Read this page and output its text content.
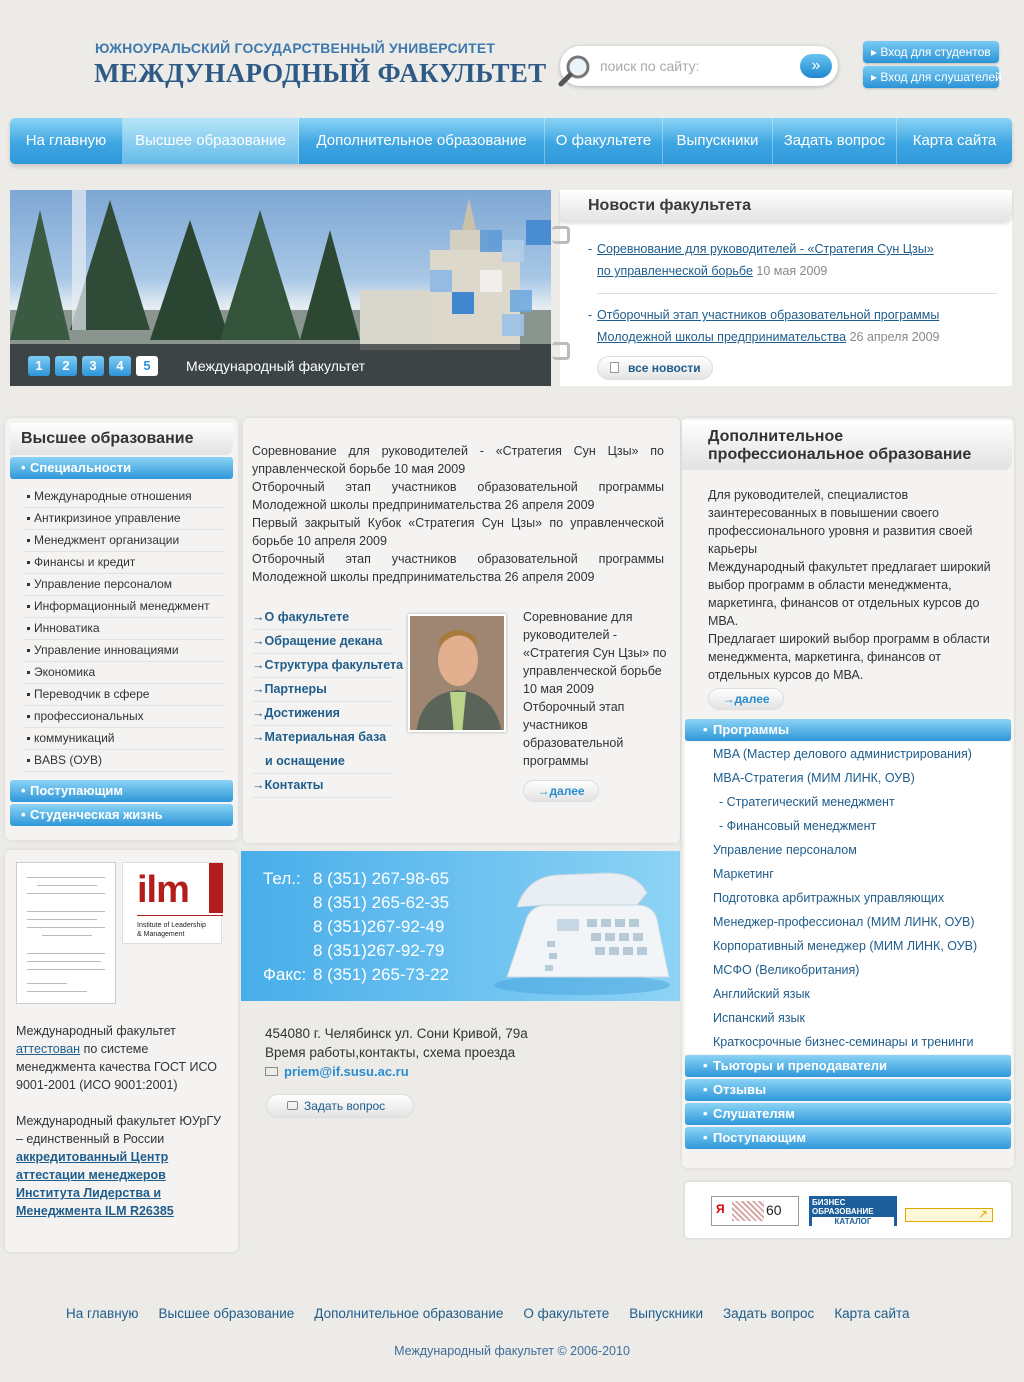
ЮЖНОУРАЛЬСКИЙ ГОСУДАРСТВЕННЫЙ УНИВЕРСИТЕТ
МЕЖДУНАРОДНЫЙ ФАКУЛЬТЕТ
поиск по сайту:	»
▸ Вход для студентов
▸ Вход для слушателей
На главную	Высшее образование	Дополнительное образование	О факультете	Выпускники	Задать вопрос	Карта сайта
1	2	3	4	5	Международный факультет
Новости факультета
- Соревнование для руководителей - «Стратегия Сун Цзы» по управленческой борьбе 10 мая 2009
- Отборочный этап участников образовательной программы Молодежной школы предпринимательства 26 апреля 2009
все новости
Высшее образование
• Специальности
Международные отношения
Антикризиное управление
Менеджмент организации
Финансы и кредит
Управление персоналом
Информационный менеджмент
Инноватика
Управление инновациями
Экономика
Переводчик в сфере
профессиональных
коммуникаций
BABS (ОУВ)
• Поступающим
• Студенческая жизнь
ilm
Institute of Leadership
& Management
Международный факультет
аттестован по системе менеджмента качества ГОСТ ИСО 9001-2001 (ИСО 9001:2001)

Международный факультет ЮУрГУ – единственный в России аккредитованный Центр аттестации менеджеров Института Лидерства и Менеджмента ILM R26385
Соревнование для руководителей - «Стратегия Сун Цзы» по управленческой борьбе 10 мая 2009
Отборочный этап участников образовательной программы Молодежной школы предпринимательства 26 апреля 2009
Первый закрытый Кубок «Стратегия Сун Цзы» по управленческой борьбе 10 апреля 2009
Отборочный этап участников образовательной программы Молодежной школы предпринимательства 26 апреля 2009
→О факультете
→Обращение декана
→Структура факультета
→Партнеры
→Достижения
→Материальная база
и оснащение
→Контакты
Соревнование для руководителей - «Стратегия Сун Цзы» по управленческой борьбе 10 мая 2009 Отборочный этап участников образовательной программы
→далее
Тел.: 8 (351) 267-98-65
8 (351) 265-62-35
8 (351)267-92-49
8 (351)267-92-79
Факс: 8 (351) 265-73-22
454080 г. Челябинск ул. Сони Кривой, 79а
Время работы,контакты, схема проезда
priem@if.susu.ac.ru
Задать вопрос
Дополнительное
профессиональное образование
Для руководителей, специалистов заинтересованных в повышении своего профессионального уровня и развития своей карьеры
Международный факультет предлагает широкий выбор программ в области менеджмента, маркетинга, финансов от отдельных курсов до МВА.
Предлагает широкий выбор программ в области менеджмента, маркетинга, финансов от отдельных курсов до МВА.
→далее
• Программы
MBA (Мастер делового администрирования)
MBA-Стратегия (МИМ ЛИНК, ОУВ)
- Стратегический менеджмент
- Финансовый менеджмент
Управление персоналом
Маркетинг
Подготовка арбитражных управляющих
Менеджер-профессионал (МИМ ЛИНК, ОУВ)
Корпоративный менеджер (МИМ ЛИНК, ОУВ)
МСФО (Великобритания)
Английский язык
Испанский язык
Краткосрочные бизнес-семинары и тренинги
• Тьюторы и преподаватели
• Отзывы
• Слушателям
• Поступающим
Я	60	БИЗНЕС
ОБРАЗОВАНИЕ
КАТАЛОГ
↗
На главную Высшее образование Дополнительное образование О факультете Выпускники Задать вопрос Карта сайта
Международный факультет © 2006-2010
